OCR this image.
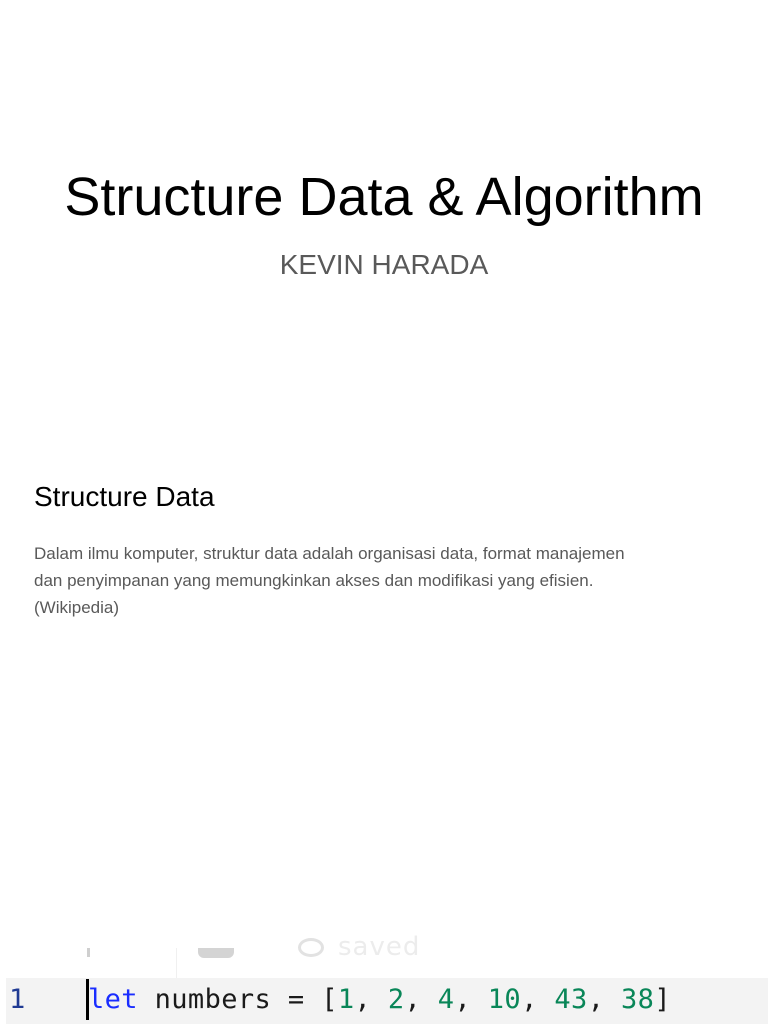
Structure Data & Algorithm
KEVIN HARADA
Structure Data
Dalam ilmu komputer, struktur data adalah organisasi data, format manajemen
dan penyimpanan yang memungkinkan akses dan modifikasi yang efisien.
(Wikipedia)
saved
1 let numbers = [1, 2, 4, 10, 43, 38]
